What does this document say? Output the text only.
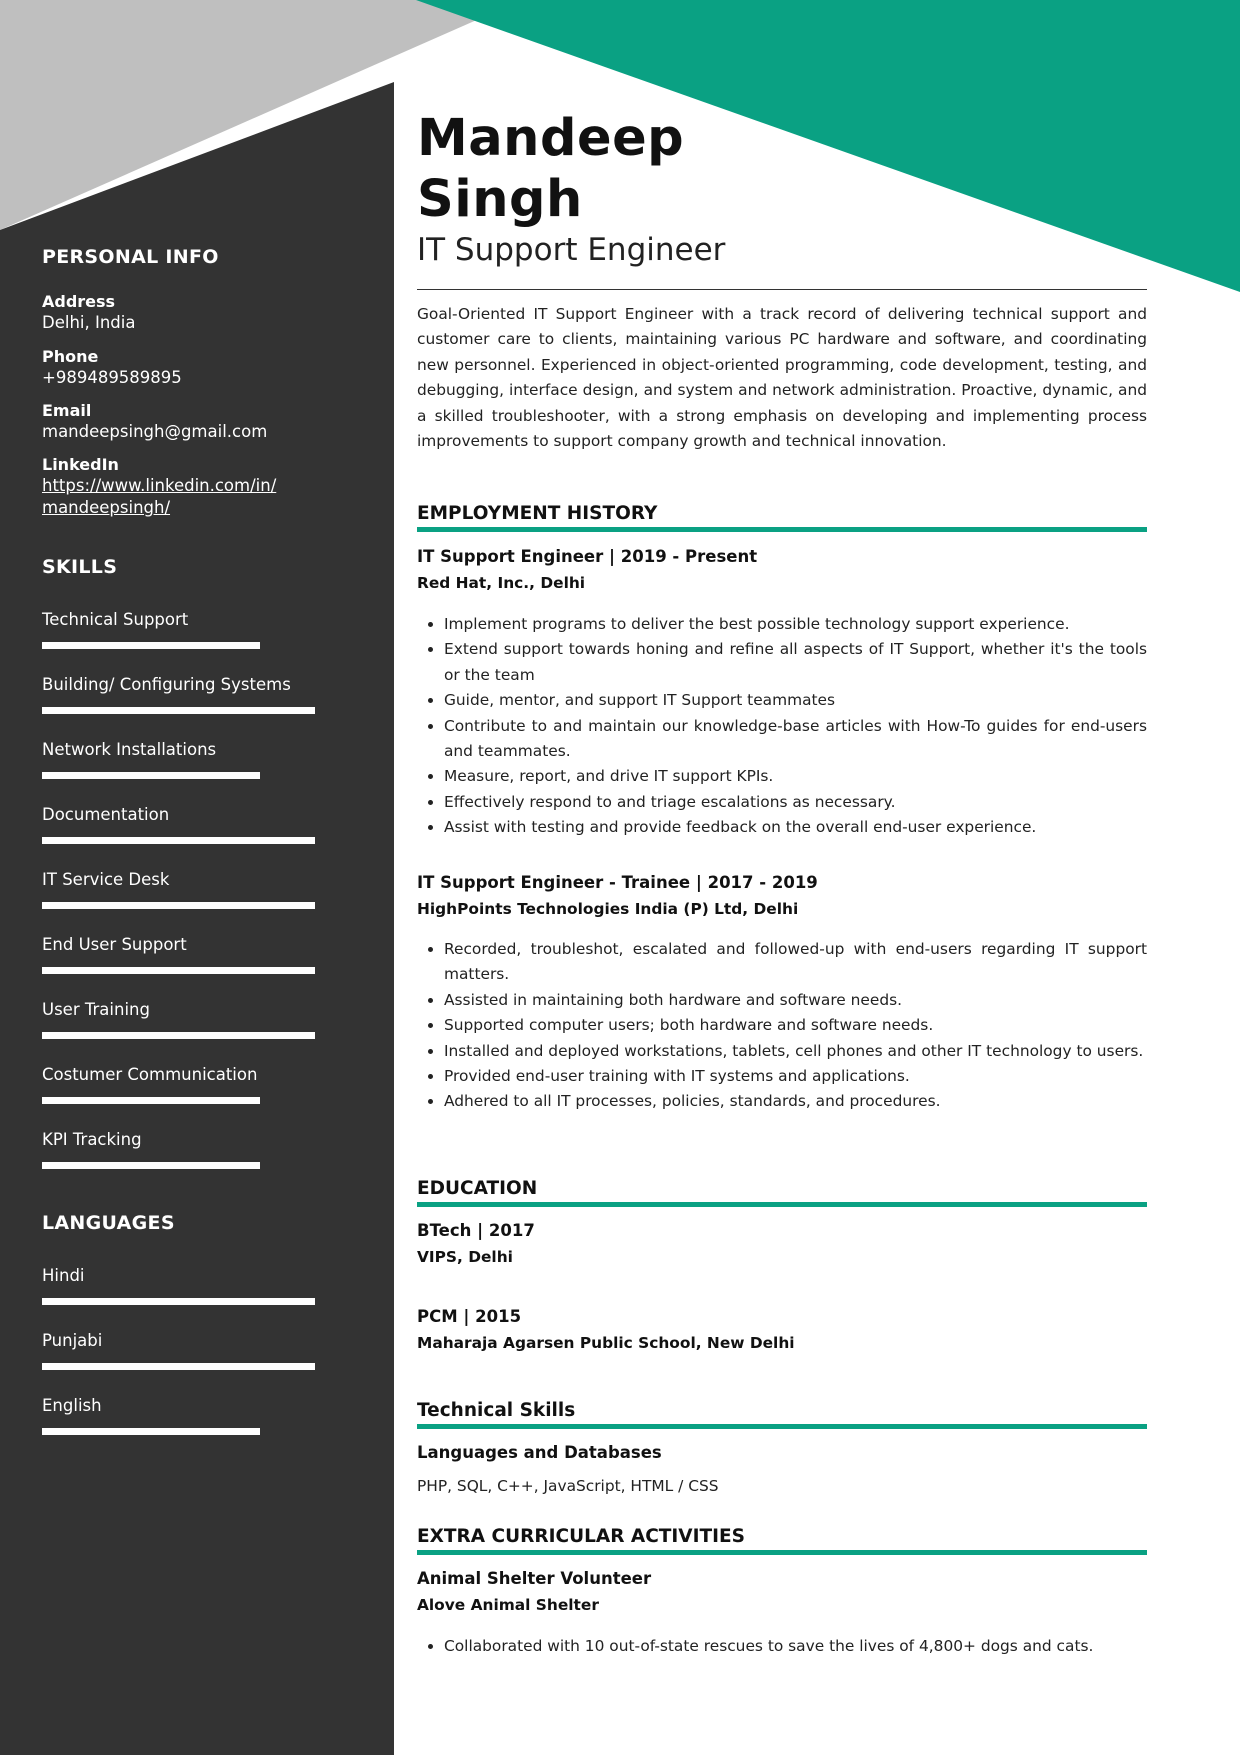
PERSONAL INFO
Address
Delhi, India
Phone
+989489589895
Email
mandeepsingh@gmail.com
LinkedIn
https://www.linkedin.com/in/
mandeepsingh/
SKILLS
Technical Support
Building/ Configuring Systems
Network Installations
Documentation
IT Service Desk
End User Support
User Training
Costumer Communication
KPI Tracking
LANGUAGES
Hindi
Punjabi
English
Mandeep
Singh
IT Support Engineer

Goal-Oriented IT Support Engineer with a track record of delivering technical support and customer care to clients, maintaining various PC hardware and software, and coordinating new personnel. Experienced in object-oriented programming, code development, testing, and debugging, interface design, and system and network administration. Proactive, dynamic, and a skilled troubleshooter, with a strong emphasis on developing and implementing process improvements to support company growth and technical innovation.

EMPLOYMENT HISTORY
IT Support Engineer | 2019 - Present
Red Hat, Inc., Delhi
• Implement programs to deliver the best possible technology support experience.
• Extend support towards honing and refine all aspects of IT Support, whether it's the tools or the team
• Guide, mentor, and support IT Support teammates
• Contribute to and maintain our knowledge-base articles with How-To guides for end-users and teammates.
• Measure, report, and drive IT support KPIs.
• Effectively respond to and triage escalations as necessary.
• Assist with testing and provide feedback on the overall end-user experience.
IT Support Engineer - Trainee | 2017 - 2019
HighPoints Technologies India (P) Ltd, Delhi
• Recorded, troubleshot, escalated and followed-up with end-users regarding IT support matters.
• Assisted in maintaining both hardware and software needs.
• Supported computer users; both hardware and software needs.
• Installed and deployed workstations, tablets, cell phones and other IT technology to users.
• Provided end-user training with IT systems and applications.
• Adhered to all IT processes, policies, standards, and procedures.
EDUCATION
BTech | 2017
VIPS, Delhi
PCM | 2015
Maharaja Agarsen Public School, New Delhi
Technical Skills
Languages and Databases
PHP, SQL, C++, JavaScript, HTML / CSS
EXTRA CURRICULAR ACTIVITIES
Animal Shelter Volunteer
Alove Animal Shelter
• Collaborated with 10 out-of-state rescues to save the lives of 4,800+ dogs and cats.
